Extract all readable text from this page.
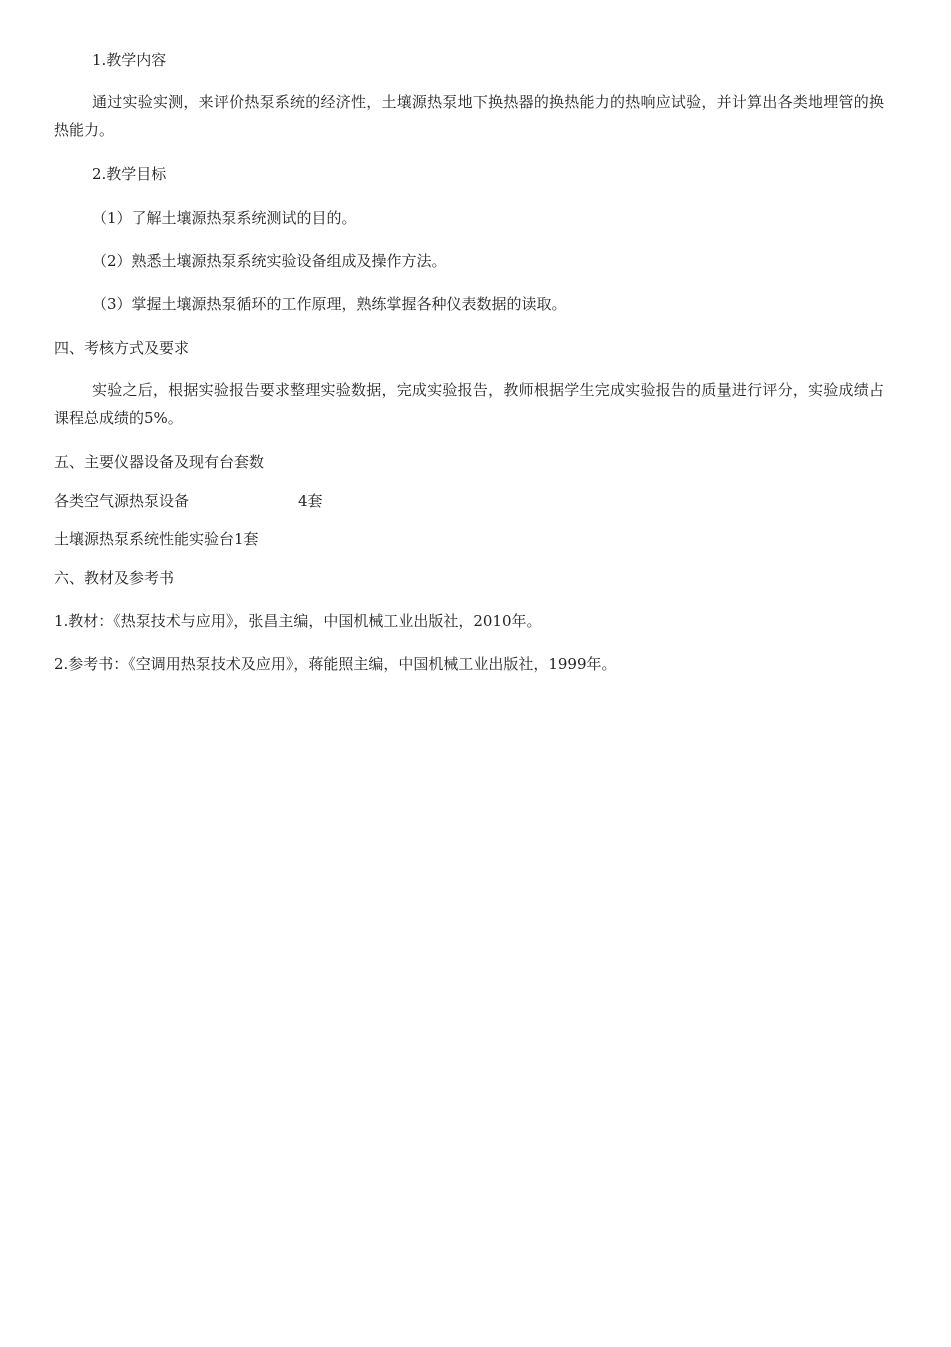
1.教学内容
通过实验实测，来评价热泵系统的经济性，土壤源热泵地下换热器的换热能力的热响应试验，并计算出各类地埋管的换热能力。
2.教学目标
（1）了解土壤源热泵系统测试的目的。
（2）熟悉土壤源热泵系统实验设备组成及操作方法。
（3）掌握土壤源热泵循环的工作原理，熟练掌握各种仪表数据的读取。
四、考核方式及要求
实验之后，根据实验报告要求整理实验数据，完成实验报告，教师根据学生完成实验报告的质量进行评分，实验成绩占课程总成绩的5%。
五、主要仪器设备及现有台套数
各类空气源热泵设备	4套
土壤源热泵系统性能实验台1套
六、教材及参考书
1.教材：《热泵技术与应用》，张昌主编，中国机械工业出版社，2010年。
2.参考书：《空调用热泵技术及应用》，蒋能照主编，中国机械工业出版社，1999年。
